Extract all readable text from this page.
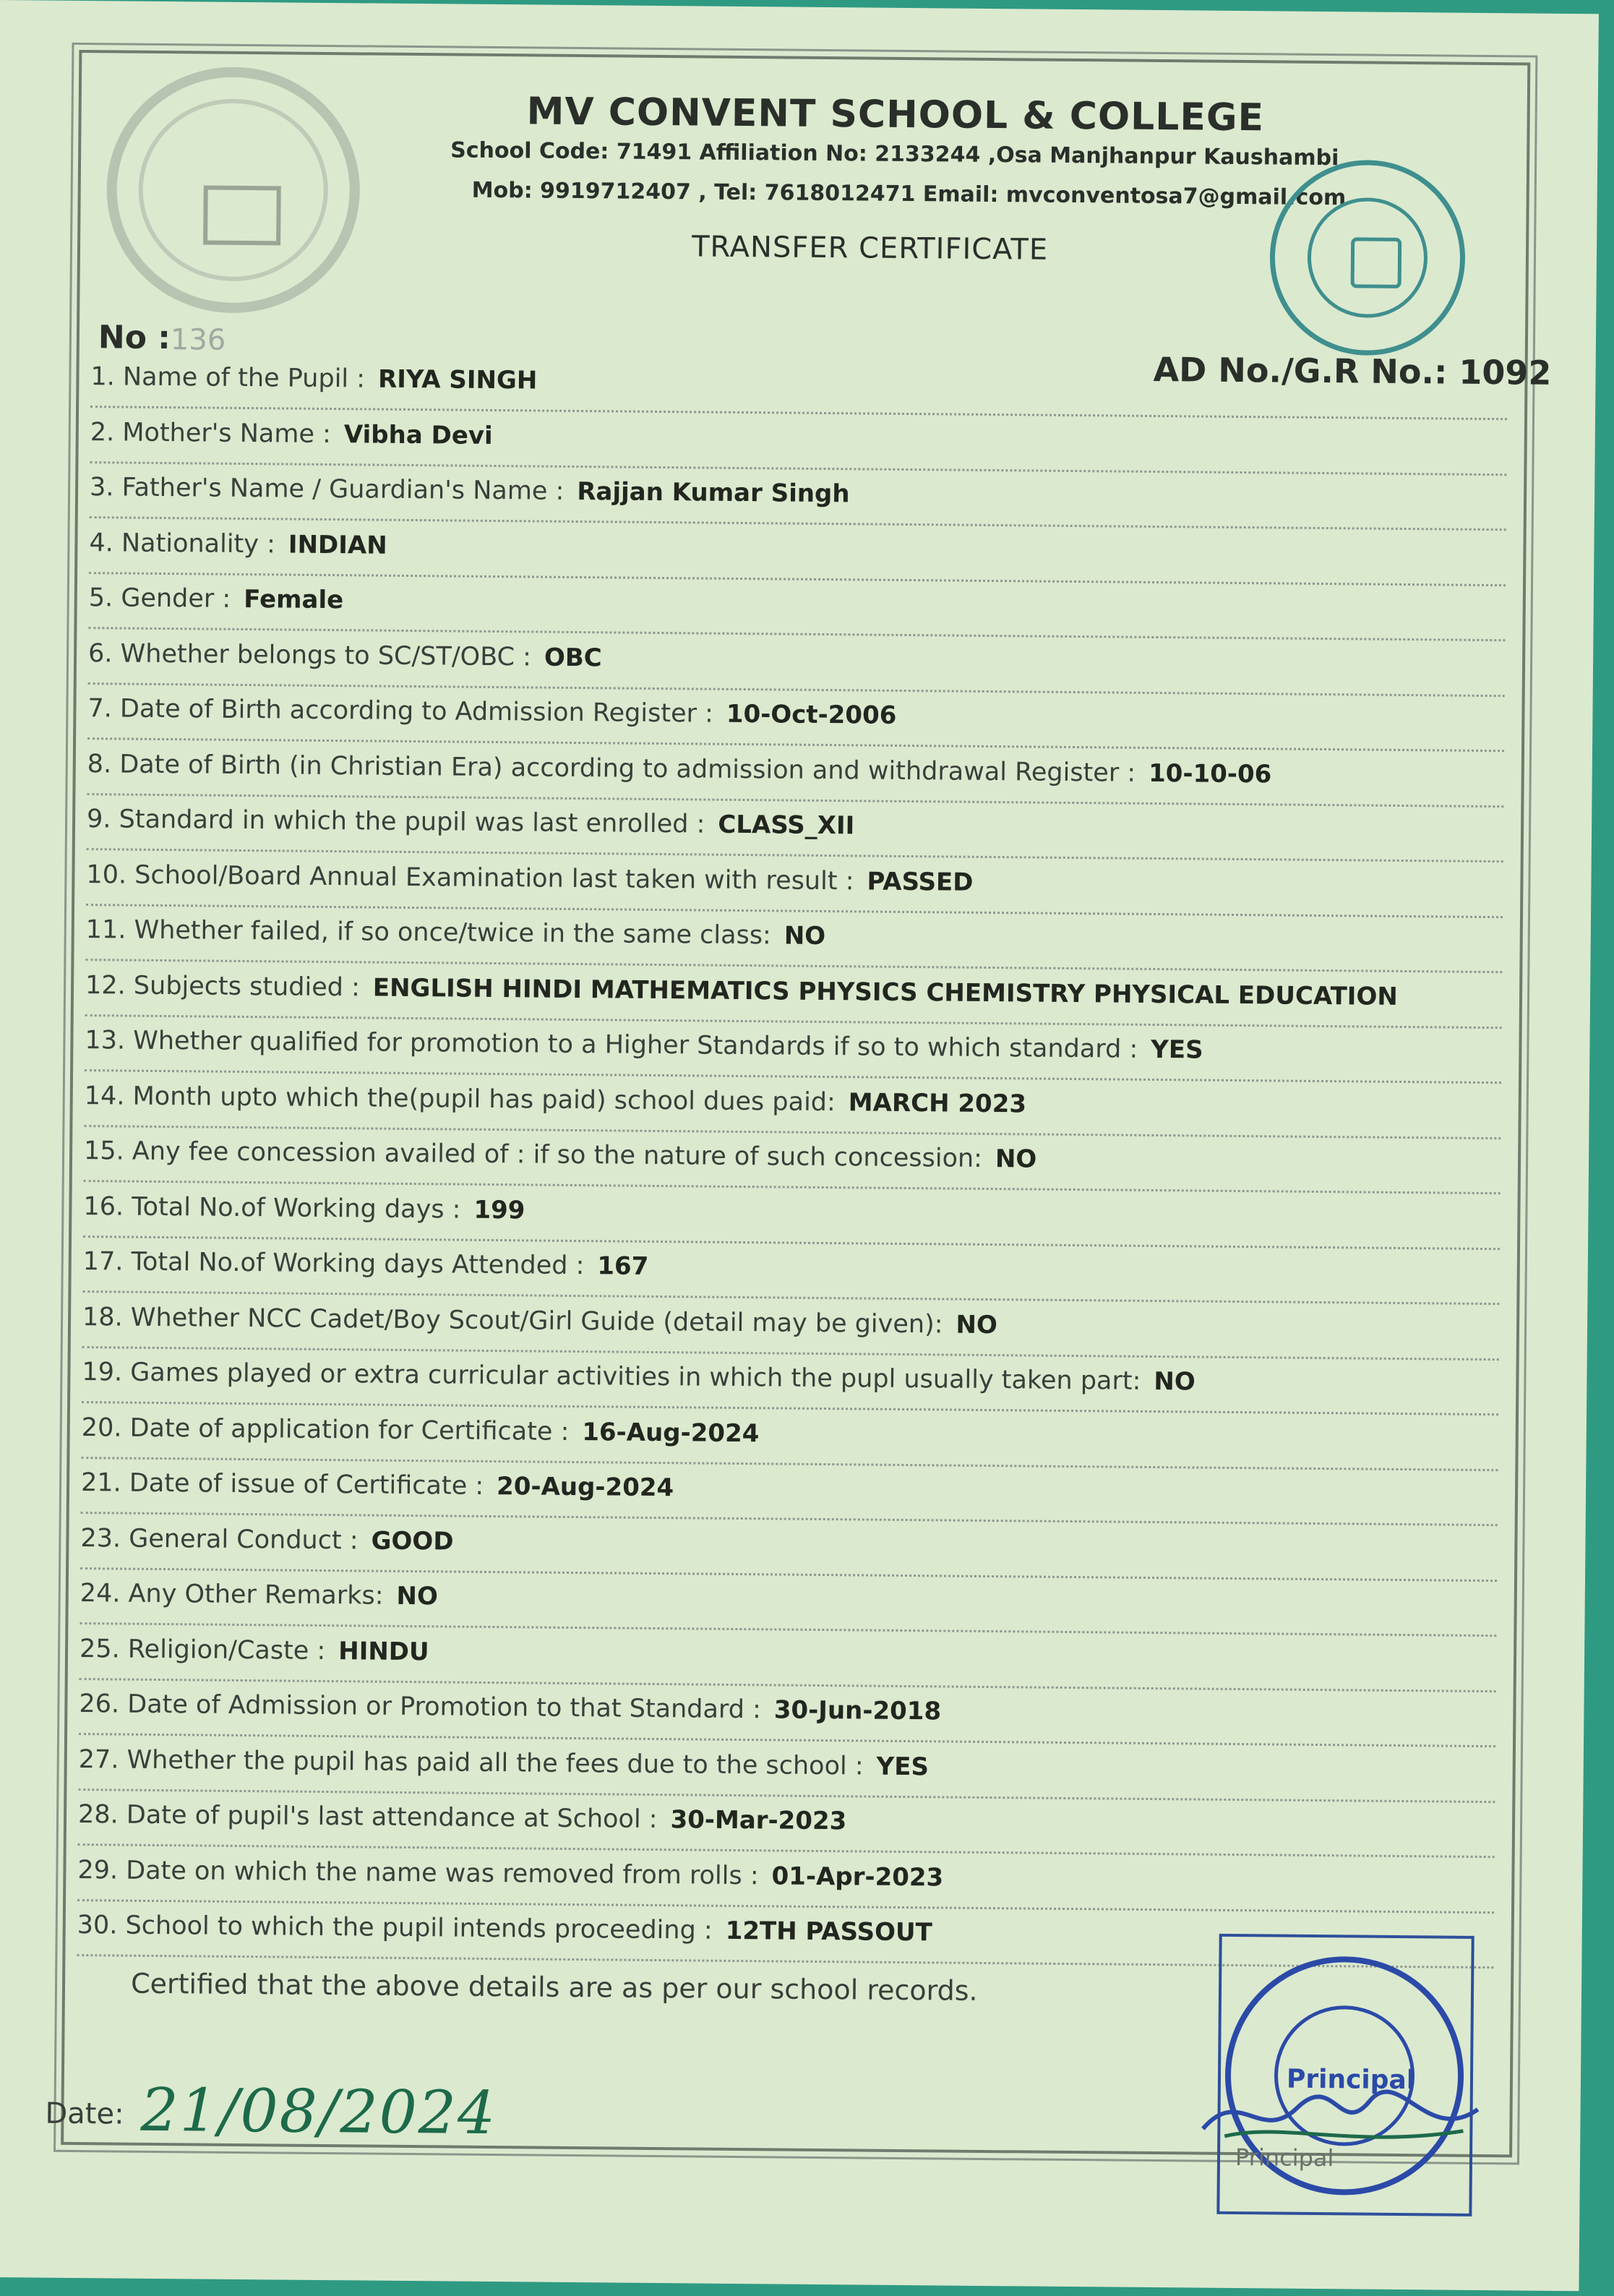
MV CONVENT SCHOOL & COLLEGE
School Code: 71491 Affiliation No: 2133244 ,Osa Manjhanpur Kaushambi
Mob: 9919712407 , Tel: 7618012471 Email: mvconventosa7@gmail.com
TRANSFER CERTIFICATE
No : 136
AD No./G.R No.: 1092
1. Name of the Pupil : RIYA SINGH
2. Mother's Name : Vibha Devi
3. Father's Name / Guardian's Name : Rajjan Kumar Singh
4. Nationality : INDIAN
5. Gender : Female
6. Whether belongs to SC/ST/OBC : OBC
7. Date of Birth according to Admission Register : 10-Oct-2006
8. Date of Birth (in Christian Era) according to admission and withdrawal Register : 10-10-06
9. Standard in which the pupil was last enrolled : CLASS_XII
10. School/Board Annual Examination last taken with result : PASSED
11. Whether failed, if so once/twice in the same class: NO
12. Subjects studied : ENGLISH HINDI MATHEMATICS PHYSICS CHEMISTRY PHYSICAL EDUCATION
13. Whether qualified for promotion to a Higher Standards if so to which standard : YES
14. Month upto which the(pupil has paid) school dues paid: MARCH 2023
15. Any fee concession availed of : if so the nature of such concession: NO
16. Total No.of Working days : 199
17. Total No.of Working days Attended : 167
18. Whether NCC Cadet/Boy Scout/Girl Guide (detail may be given): NO
19. Games played or extra curricular activities in which the pupl usually taken part: NO
20. Date of application for Certificate : 16-Aug-2024
21. Date of issue of Certificate : 20-Aug-2024
23. General Conduct : GOOD
24. Any Other Remarks: NO
25. Religion/Caste : HINDU
26. Date of Admission or Promotion to that Standard : 30-Jun-2018
27. Whether the pupil has paid all the fees due to the school : YES
28. Date of pupil's last attendance at School : 30-Mar-2023
29. Date on which the name was removed from rolls : 01-Apr-2023
30. School to which the pupil intends proceeding : 12TH PASSOUT
Certified that the above details are as per our school records.
Date: 21/08/2024	Principal
Principal
